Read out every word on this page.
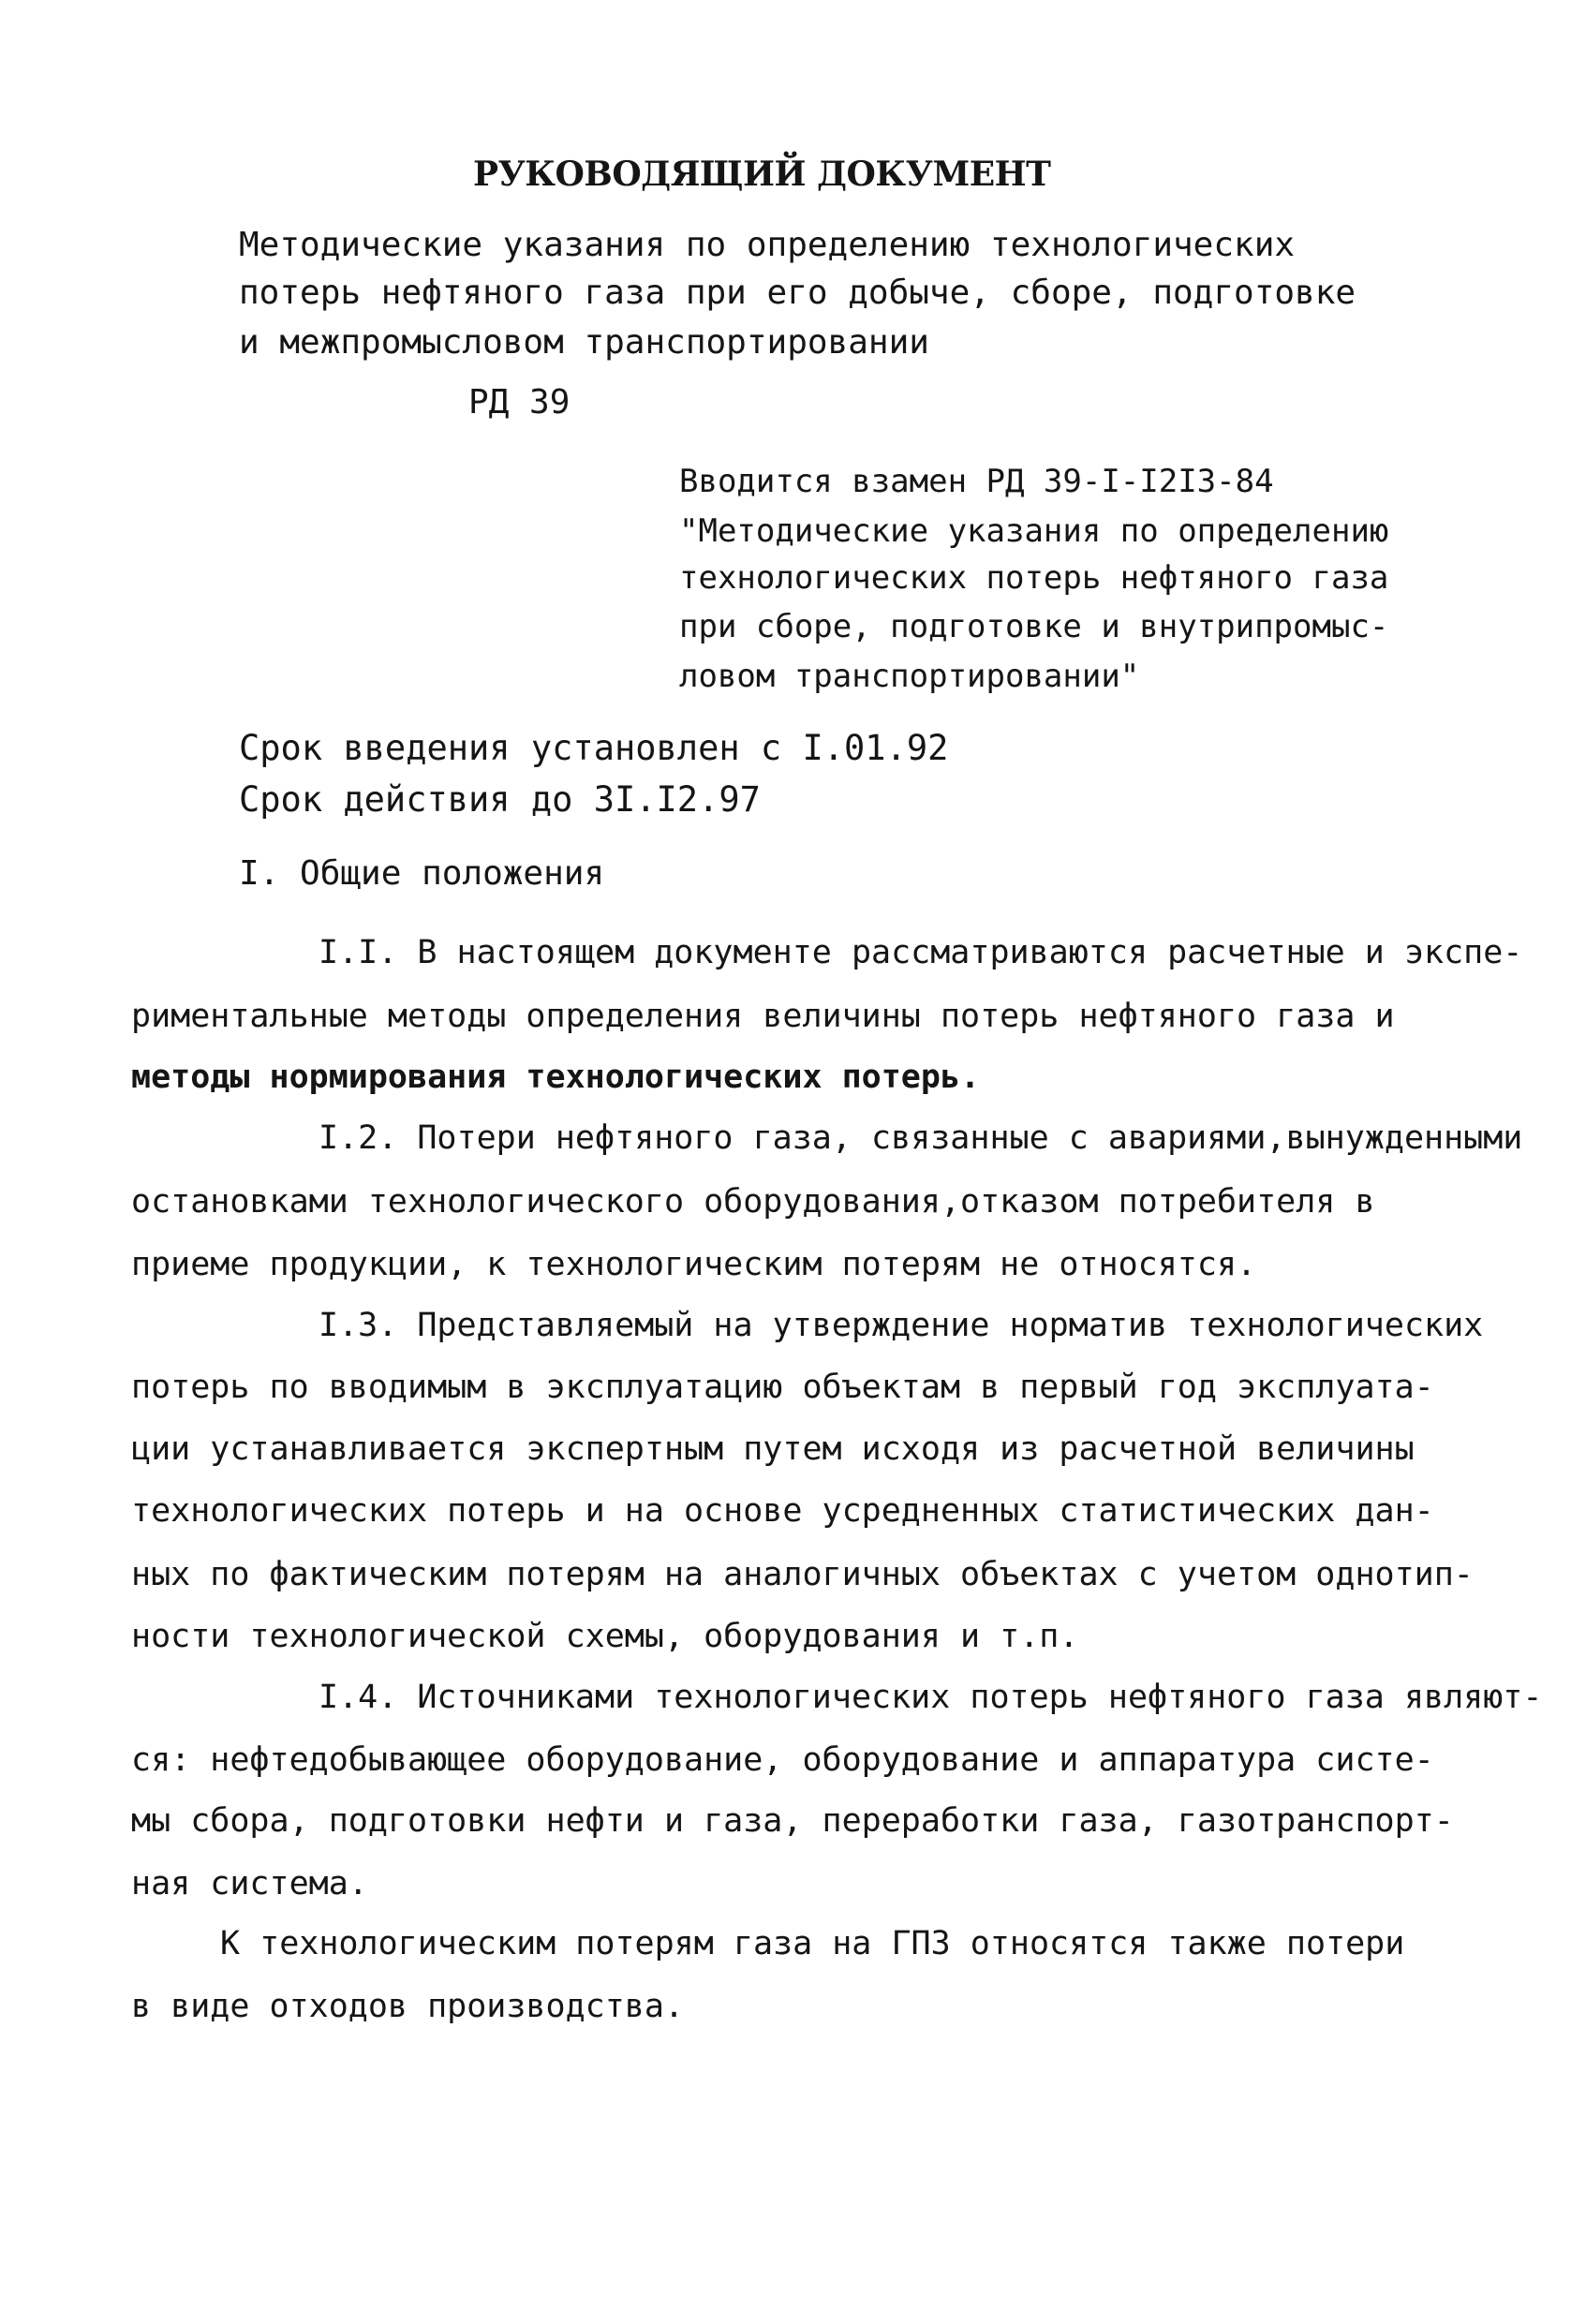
РУКОВОДЯЩИЙ ДОКУМЕНТ
Методические указания по определению технологических
потерь нефтяного газа при его добыче, сборе, подготовке
и межпромысловом транспортировании
РД 39
Вводится взамен РД 39-I-I2I3-84
"Методические указания по определению
технологических потерь нефтяного газа
при сборе, подготовке и внутрипромыс-
ловом транспортировании"
Срок введения установлен с I.01.92
Срок действия до 3I.I2.97
I. Общие положения
I.I. В настоящем документе рассматриваются расчетные и экспе-
риментальные методы определения величины потерь нефтяного газа и
методы нормирования технологических потерь.
I.2. Потери нефтяного газа, связанные с авариями,вынужденными
остановками технологического оборудования,отказом потребителя в
приеме продукции, к технологическим потерям не относятся.
I.3. Представляемый на утверждение норматив технологических
потерь по вводимым в эксплуатацию объектам в первый год эксплуата-
ции устанавливается экспертным путем исходя из расчетной величины
технологических потерь и на основе усредненных статистических дан-
ных по фактическим потерям на аналогичных объектах с учетом однотип-
ности технологической схемы, оборудования и т.п.
I.4. Источниками технологических потерь нефтяного газа являют-
ся: нефтедобывающее оборудование, оборудование и аппаратура систе-
мы сбора, подготовки нефти и газа, переработки газа, газотранспорт-
ная система.
К технологическим потерям газа на ГПЗ относятся также потери
в виде отходов производства.
